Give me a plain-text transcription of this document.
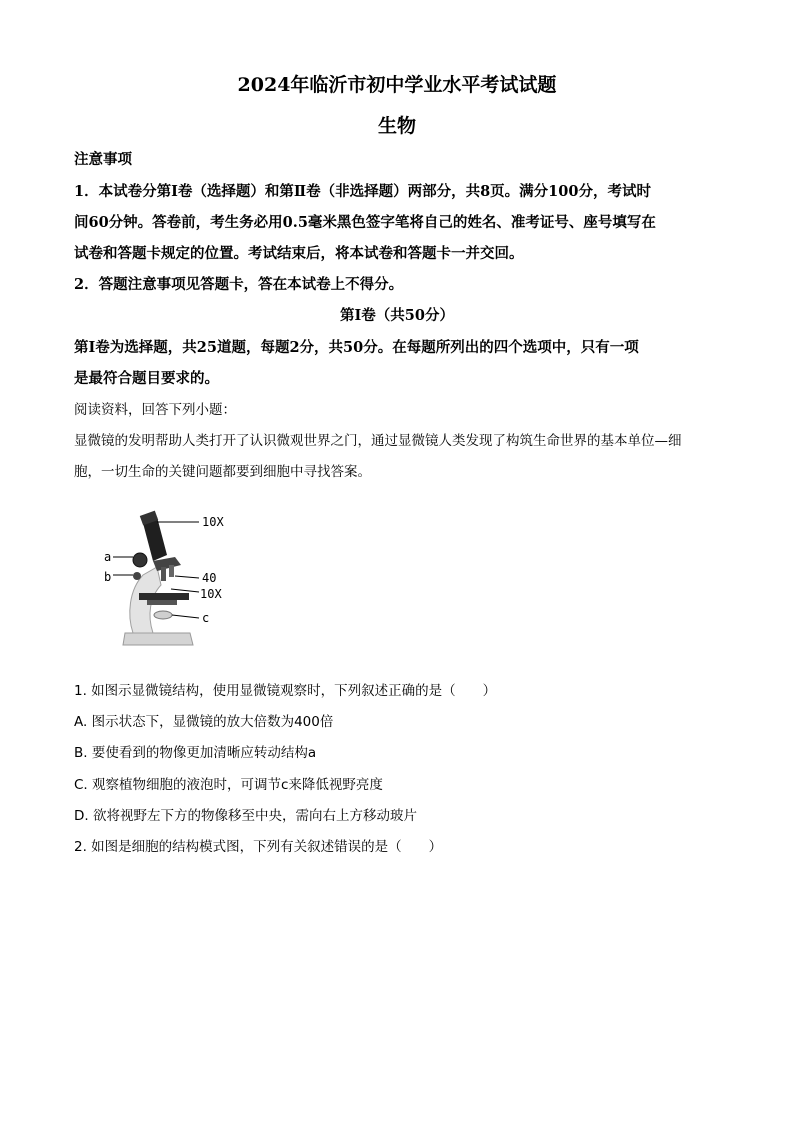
2024年临沂市初中学业水平考试试题
生物
注意事项
1．本试卷分第Ⅰ卷（选择题）和第Ⅱ卷（非选择题）两部分，共8页。满分100分，考试时
间60分钟。答卷前，考生务必用0.5毫米黑色签字笔将自己的姓名、准考证号、座号填写在
试卷和答题卡规定的位置。考试结束后，将本试卷和答题卡一并交回。
2．答题注意事项见答题卡，答在本试卷上不得分。
第Ⅰ卷（共50分）
第Ⅰ卷为选择题，共25道题，每题2分，共50分。在每题所列出的四个选项中，只有一项
是最符合题目要求的。
阅读资料，回答下列小题：
显微镜的发明帮助人类打开了认识微观世界之门，通过显微镜人类发现了构筑生命世界的基本单位—细
胞，一切生命的关键问题都要到细胞中寻找答案。
10X
a
b	40
10X
c
1. 如图示显微镜结构，使用显微镜观察时，下列叙述正确的是（　　）
A. 图示状态下，显微镜的放大倍数为400倍
B. 要使看到的物像更加清晰应转动结构a
C. 观察植物细胞的液泡时，可调节c来降低视野亮度
D. 欲将视野左下方的物像移至中央，需向右上方移动玻片
2. 如图是细胞的结构模式图，下列有关叙述错误的是（　　）
